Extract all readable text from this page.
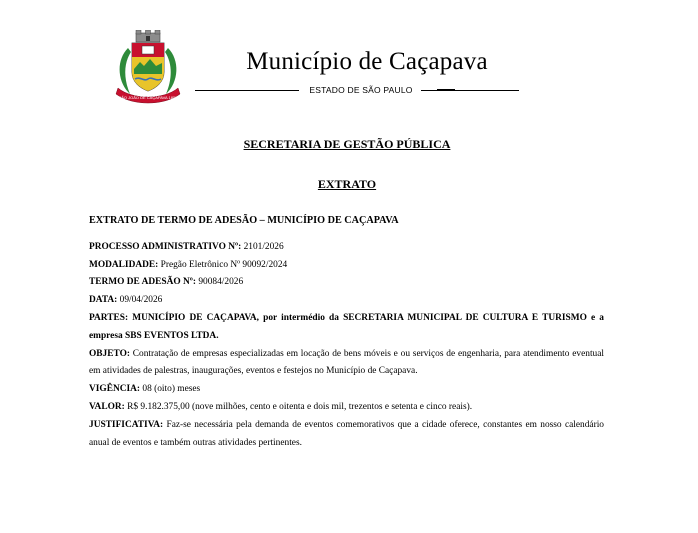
SÃO JOÃO DE CAÇAPAVA 1855
Município de Caçapava
ESTADO DE SÃO PAULO
SECRETARIA DE GESTÃO PÚBLICA
EXTRATO

EXTRATO DE TERMO DE ADESÃO – MUNICÍPIO DE CAÇAPAVA

PROCESSO ADMINISTRATIVO Nº: 2101/2026

MODALIDADE: Pregão Eletrônico Nº 90092/2024

TERMO DE ADESÃO Nº: 90084/2026

DATA: 09/04/2026

PARTES: MUNICÍPIO DE CAÇAPAVA, por intermédio da SECRETARIA MUNICIPAL DE CULTURA E TURISMO e a empresa SBS EVENTOS LTDA.

OBJETO: Contratação de empresas especializadas em locação de bens móveis e ou serviços de engenharia, para atendimento eventual em atividades de palestras, inaugurações, eventos e festejos no Município de Caçapava.

VIGÊNCIA: 08 (oito) meses

VALOR: R$ 9.182.375,00 (nove milhões, cento e oitenta e dois mil, trezentos e setenta e cinco reais).

JUSTIFICATIVA: Faz-se necessária pela demanda de eventos comemorativos que a cidade oferece, constantes em nosso calendário anual de eventos e também outras atividades pertinentes.
